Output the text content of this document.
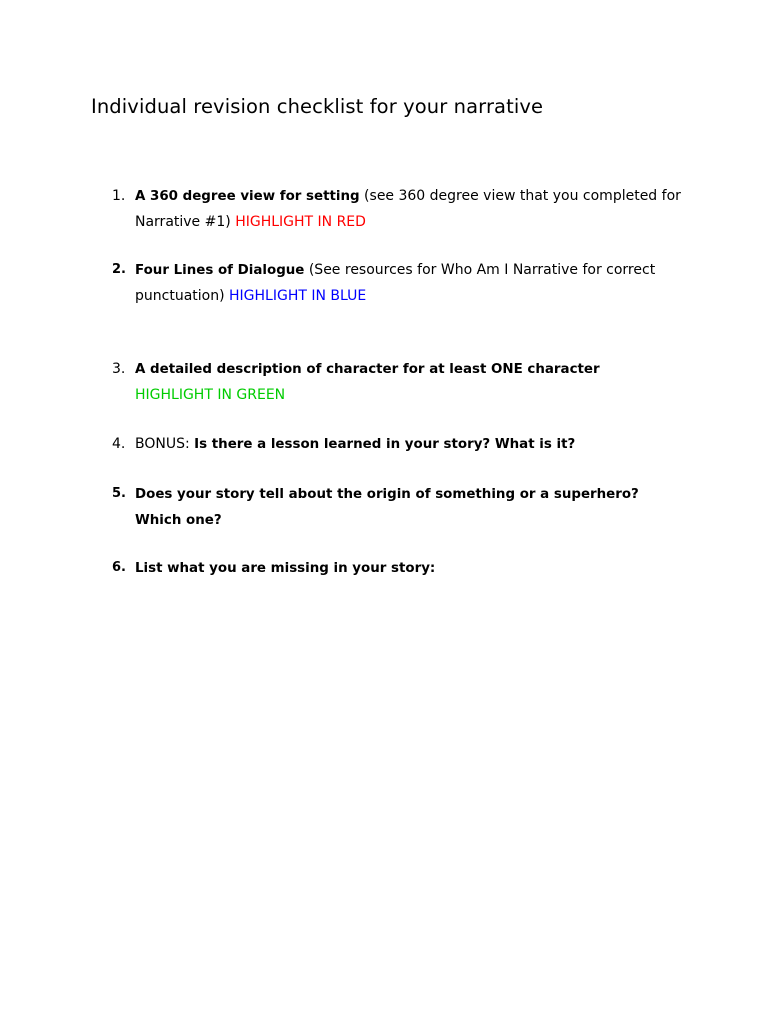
Individual revision checklist for your narrative
1. A 360 degree view for setting (see 360 degree view that you completed for Narrative #1) HIGHLIGHT IN RED
2. Four Lines of Dialogue (See resources for Who Am I Narrative for correct punctuation) HIGHLIGHT IN BLUE
3. A detailed description of character for at least ONE character
HIGHLIGHT IN GREEN
4. BONUS: Is there a lesson learned in your story? What is it?
5. Does your story tell about the origin of something or a superhero? Which one?
6. List what you are missing in your story:
